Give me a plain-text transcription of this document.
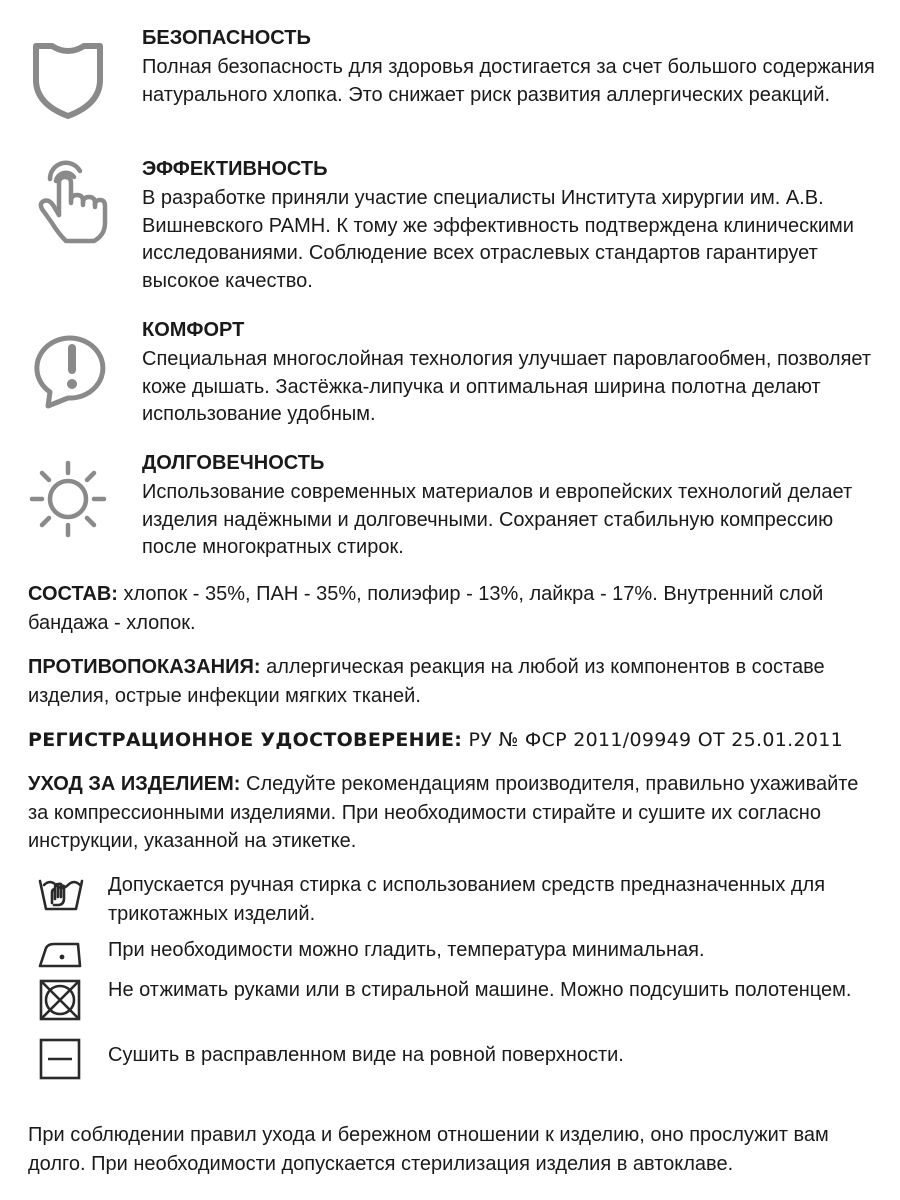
БЕЗОПАСНОСТЬ

Полная безопасность для здоровья достигается за счет большого содержания натурального хлопка. Это снижает риск развития аллергических реакций.

ЭФФЕКТИВНОСТЬ

В разработке приняли участие специалисты Института хирургии им. А.В. Вишневского РАМН. К тому же эффективность подтверждена клиническими исследованиями. Соблюдение всех отраслевых стандартов гарантирует высокое качество.

КОМФОРТ

Специальная многослойная технология улучшает паровлагообмен, позволяет коже дышать. Застёжка-липучка и оптимальная ширина полотна делают использование удобным.

ДОЛГОВЕЧНОСТЬ

Использование современных материалов и европейских технологий делает изделия надёжными и долговечными. Сохраняет стабильную компрессию после многократных стирок.

СОСТАВ: хлопок - 35%, ПАН - 35%, полиэфир - 13%, лайкра - 17%. Внутренний слой бандажа - хлопок.

ПРОТИВОПОКАЗАНИЯ: аллергическая реакция на любой из компонентов в составе изделия, острые инфекции мягких тканей.

РЕГИСТРАЦИОННОЕ УДОСТОВЕРЕНИЕ: РУ № ФСР 2011/09949 ОТ 25.01.2011

УХОД ЗА ИЗДЕЛИЕМ: Следуйте рекомендациям производителя, правильно ухаживайте за компрессионными изделиями. При необходимости стирайте и сушите их согласно инструкции, указанной на этикетке.

Допускается ручная стирка с использованием средств предназначенных для трикотажных изделий.
При необходимости можно гладить, температура минимальная.
Не отжимать руками или в стиральной машине. Можно подсушить полотенцем.
Сушить в расправленном виде на ровной поверхности.

При соблюдении правил ухода и бережном отношении к изделию, оно прослужит вам долго. При необходимости допускается стерилизация изделия в автоклаве.
